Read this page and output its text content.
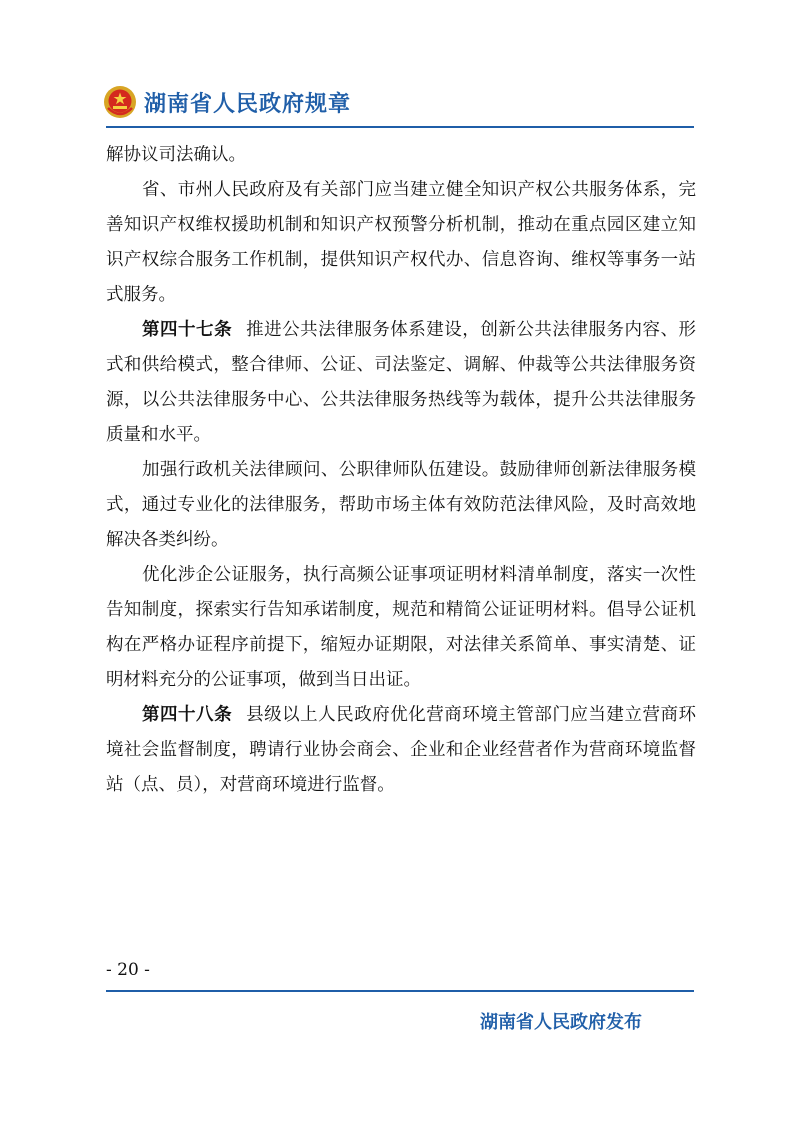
湖南省人民政府规章

解协议司法确认。

省、市州人民政府及有关部门应当建立健全知识产权公共服务体系，完善知识产权维权援助机制和知识产权预警分析机制，推动在重点园区建立知识产权综合服务工作机制，提供知识产权代办、信息咨询、维权等事务一站式服务。

第四十七条 推进公共法律服务体系建设，创新公共法律服务内容、形式和供给模式，整合律师、公证、司法鉴定、调解、仲裁等公共法律服务资源，以公共法律服务中心、公共法律服务热线等为载体，提升公共法律服务质量和水平。

加强行政机关法律顾问、公职律师队伍建设。鼓励律师创新法律服务模式，通过专业化的法律服务，帮助市场主体有效防范法律风险，及时高效地解决各类纠纷。

优化涉企公证服务，执行高频公证事项证明材料清单制度，落实一次性告知制度，探索实行告知承诺制度，规范和精简公证证明材料。倡导公证机构在严格办证程序前提下，缩短办证期限，对法律关系简单、事实清楚、证明材料充分的公证事项，做到当日出证。

第四十八条 县级以上人民政府优化营商环境主管部门应当建立营商环境社会监督制度，聘请行业协会商会、企业和企业经营者作为营商环境监督站（点、员），对营商环境进行监督。

- 20 -
湖南省人民政府发布
